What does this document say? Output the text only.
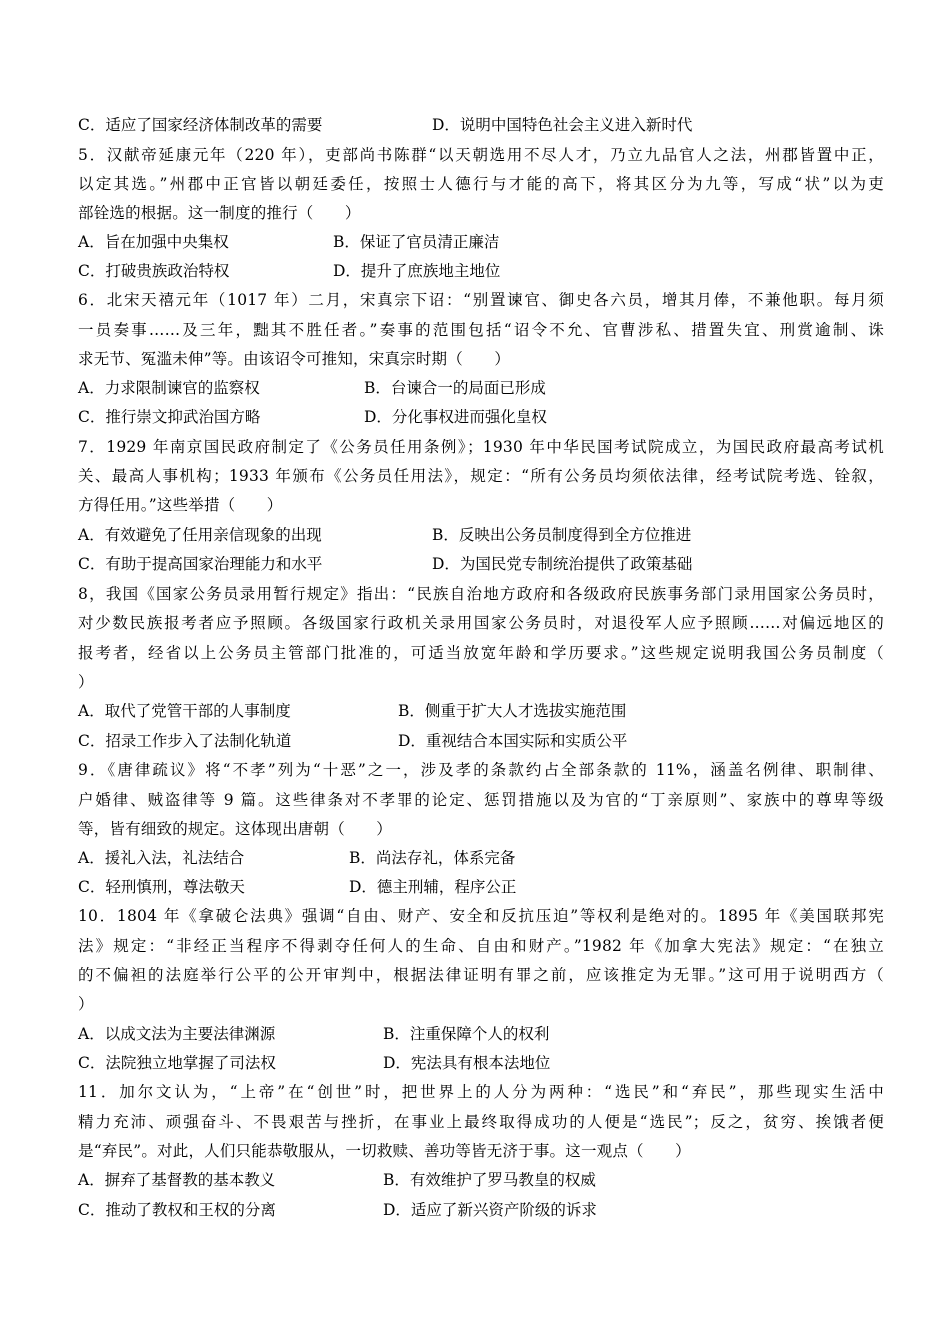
C．适应了国家经济体制改革的需要	D．说明中国特色社会主义进入新时代
5．汉献帝延康元年（220 年），吏部尚书陈群“以天朝选用不尽人才，乃立九品官人之法，州郡皆置中正，
以定其选。”州郡中正官皆以朝廷委任，按照士人德行与才能的高下，将其区分为九等，写成“状”以为吏
部铨选的根据。这一制度的推行（　　）
A．旨在加强中央集权	B．保证了官员清正廉洁
C．打破贵族政治特权	D．提升了庶族地主地位
6．北宋天禧元年（1017 年）二月，宋真宗下诏：“别置谏官、御史各六员，增其月俸，不兼他职。每月须
一员奏事……及三年，黜其不胜任者。”奏事的范围包括“诏令不允、官曹涉私、措置失宜、刑赏逾制、诛
求无节、冤滥未伸”等。由该诏令可推知，宋真宗时期（　　）
A．力求限制谏官的监察权	B．台谏合一的局面已形成
C．推行崇文抑武治国方略	D．分化事权进而强化皇权
7．1929 年南京国民政府制定了《公务员任用条例》；1930 年中华民国考试院成立，为国民政府最高考试机
关、最高人事机构；1933 年颁布《公务员任用法》，规定：“所有公务员均须依法律，经考试院考选、铨叙，
方得任用。”这些举措（　　）
A．有效避免了任用亲信现象的出现	B．反映出公务员制度得到全方位推进
C．有助于提高国家治理能力和水平	D．为国民党专制统治提供了政策基础
8，我国《国家公务员录用暂行规定》指出：“民族自治地方政府和各级政府民族事务部门录用国家公务员时，
对少数民族报考者应予照顾。各级国家行政机关录用国家公务员时，对退役军人应予照顾……对偏远地区的
报考者，经省以上公务员主管部门批准的，可适当放宽年龄和学历要求。”这些规定说明我国公务员制度（
）
A．取代了党管干部的人事制度	B．侧重于扩大人才选拔实施范围
C．招录工作步入了法制化轨道	D．重视结合本国实际和实质公平
9．《唐律疏议》将“不孝”列为“十恶”之一，涉及孝的条款约占全部条款的 11%，涵盖名例律、职制律、
户婚律、贼盗律等 9 篇。这些律条对不孝罪的论定、惩罚措施以及为官的“丁亲原则”、家族中的尊卑等级
等，皆有细致的规定。这体现出唐朝（　　）
A．援礼入法，礼法结合	B．尚法存礼，体系完备
C．轻刑慎刑，尊法敬天	D．德主刑辅，程序公正
10．1804 年《拿破仑法典》强调“自由、财产、安全和反抗压迫”等权利是绝对的。1895 年《美国联邦宪
法》规定：“非经正当程序不得剥夺任何人的生命、自由和财产。”1982 年《加拿大宪法》规定：“在独立
的不偏袒的法庭举行公平的公开审判中，根据法律证明有罪之前，应该推定为无罪。”这可用于说明西方（
）
A．以成文法为主要法律渊源	B．注重保障个人的权利
C．法院独立地掌握了司法权	D．宪法具有根本法地位
11．加尔文认为，“上帝”在“创世”时，把世界上的人分为两种：“选民”和“弃民”，那些现实生活中
精力充沛、顽强奋斗、不畏艰苦与挫折，在事业上最终取得成功的人便是“选民”；反之，贫穷、挨饿者便
是“弃民”。对此，人们只能恭敬服从，一切救赎、善功等皆无济于事。这一观点（　　）
A．摒弃了基督教的基本教义	B．有效维护了罗马教皇的权威
C．推动了教权和王权的分离	D．适应了新兴资产阶级的诉求
